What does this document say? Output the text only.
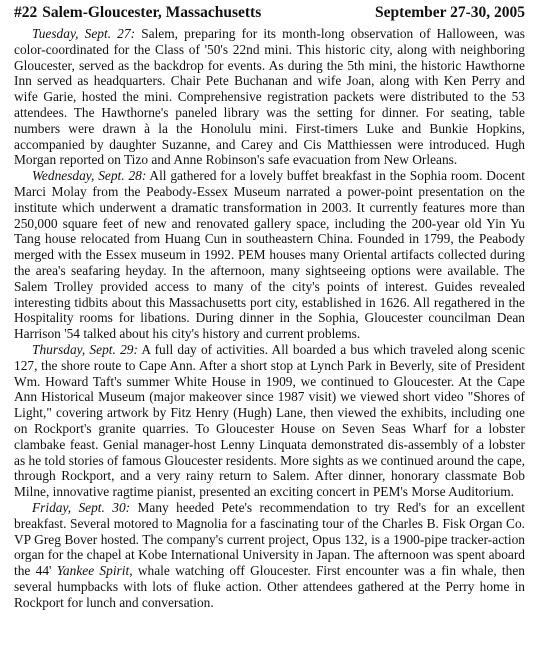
#22 Salem-Gloucester, Massachusetts	September 27-30, 2005

Tuesday, Sept. 27: Salem, preparing for its month-long observation of Halloween, was color-coordinated for the Class of '50's 22nd mini. This historic city, along with neighboring Gloucester, served as the backdrop for events. As during the 5th mini, the historic Hawthorne Inn served as headquarters. Chair Pete Buchanan and wife Joan, along with Ken Perry and wife Garie, hosted the mini. Comprehensive registration packets were distributed to the 53 attendees. The Hawthorne's paneled library was the setting for dinner. For seating, table numbers were drawn à la the Honolulu mini. First-timers Luke and Bunkie Hopkins, accompanied by daughter Suzanne, and Carey and Cis Matthiessen were introduced. Hugh Morgan reported on Tizo and Anne Robinson's safe evacuation from New Orleans.

Wednesday, Sept. 28: All gathered for a lovely buffet breakfast in the Sophia room. Docent Marci Molay from the Peabody-Essex Museum narrated a power-point presentation on the institute which underwent a dramatic transformation in 2003. It currently features more than 250,000 square feet of new and renovated gallery space, including the 200-year old Yin Yu Tang house relocated from Huang Cun in southeastern China. Founded in 1799, the Peabody merged with the Essex museum in 1992. PEM houses many Oriental artifacts collected during the area's seafaring heyday. In the afternoon, many sightseeing options were available. The Salem Trolley provided access to many of the city's points of interest. Guides revealed interesting tidbits about this Massachusetts port city, established in 1626. All regathered in the Hospitality rooms for libations. During dinner in the Sophia, Gloucester councilman Dean Harrison '54 talked about his city's history and current problems.

Thursday, Sept. 29: A full day of activities. All boarded a bus which traveled along scenic 127, the shore route to Cape Ann. After a short stop at Lynch Park in Beverly, site of President Wm. Howard Taft's summer White House in 1909, we continued to Gloucester. At the Cape Ann Historical Museum (major makeover since 1987 visit) we viewed short video "Shores of Light," covering artwork by Fitz Henry (Hugh) Lane, then viewed the exhibits, including one on Rockport's granite quarries. To Gloucester House on Seven Seas Wharf for a lobster clambake feast. Genial manager-host Lenny Linquata demonstrated dis-assembly of a lobster as he told stories of famous Gloucester residents. More sights as we continued around the cape, through Rockport, and a very rainy return to Salem. After dinner, honorary classmate Bob Milne, innovative ragtime pianist, presented an exciting concert in PEM's Morse Auditorium.

Friday, Sept. 30: Many heeded Pete's recommendation to try Red's for an excellent breakfast. Several motored to Magnolia for a fascinating tour of the Charles B. Fisk Organ Co. VP Greg Bover hosted. The company's current project, Opus 132, is a 1900-pipe tracker-action organ for the chapel at Kobe International University in Japan. The afternoon was spent aboard the 44' Yankee Spirit, whale watching off Gloucester. First encounter was a fin whale, then several humpbacks with lots of fluke action. Other attendees gathered at the Perry home in Rockport for lunch and conversation.
